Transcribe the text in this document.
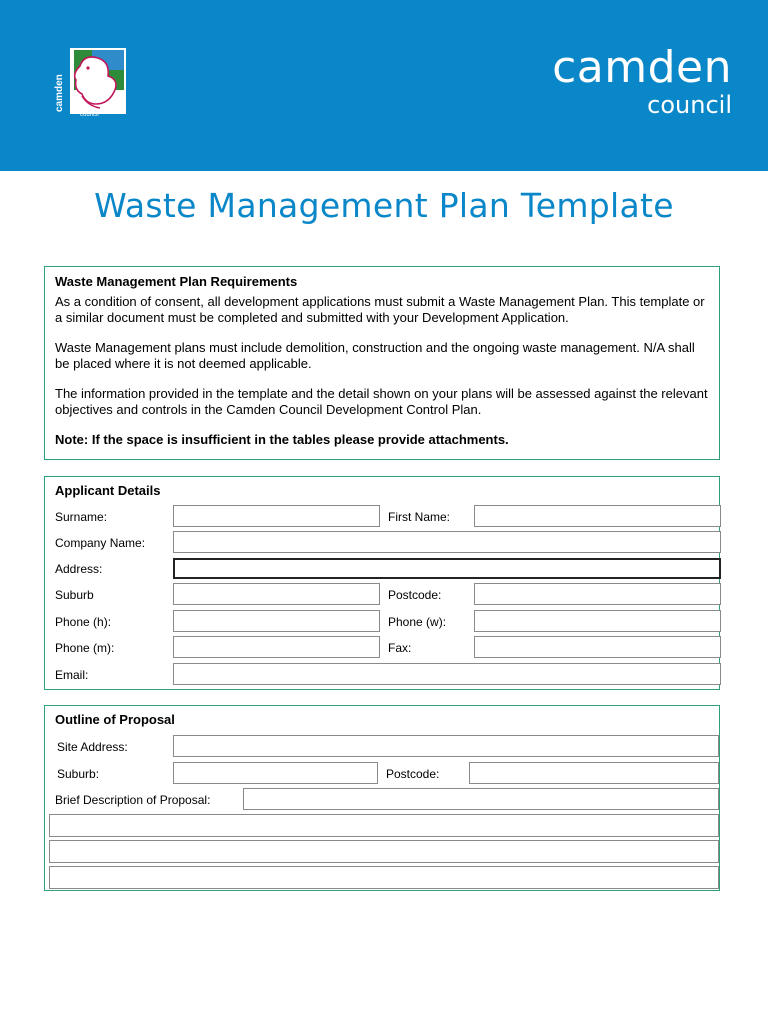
camden
council
camden
council
Waste Management Plan Template
Waste Management Plan Requirements

As a condition of consent, all development applications must submit a Waste Management Plan. This template or a similar document must be completed and submitted with your Development Application.

Waste Management plans must include demolition, construction and the ongoing waste management. N/A shall be placed where it is not deemed applicable.

The information provided in the template and the detail shown on your plans will be assessed against the relevant objectives and controls in the Camden Council Development Control Plan.

Note: If the space is insufficient in the tables please provide attachments.

Applicant Details
Surname:	First Name:
Company Name:
Address:
Suburb	Postcode:
Phone (h):	Phone (w):
Phone (m):	Fax:
Email:
Outline of Proposal
Site Address:
Suburb:	Postcode:
Brief Description of Proposal:
